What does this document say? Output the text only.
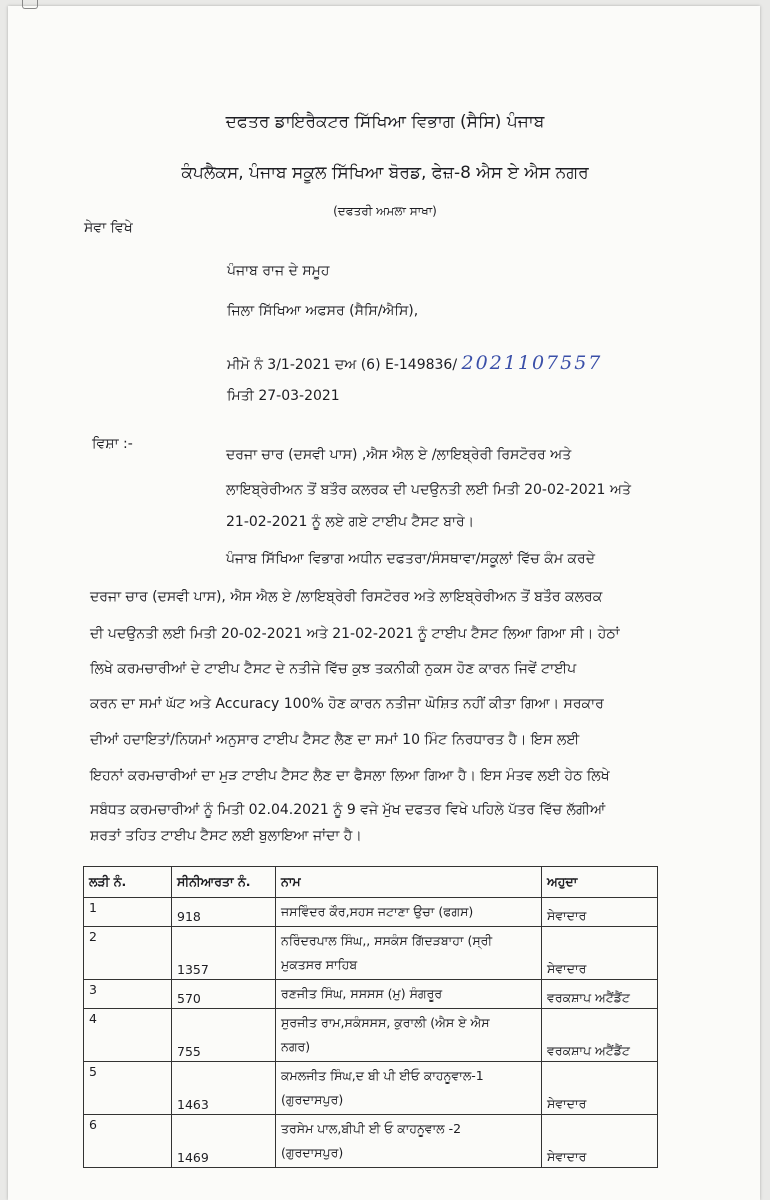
ਦਫਤਰ ਡਾਇਰੈਕਟਰ ਸਿੱਖਿਆ ਵਿਭਾਗ (ਸੈਸਿ) ਪੰਜਾਬ
ਕੰਪਲੈਕਸ, ਪੰਜਾਬ ਸਕੂਲ ਸਿੱਖਿਆ ਬੋਰਡ, ਫੇਜ਼-8 ਐਸ ਏ ਐਸ ਨਗਰ
(ਦਫਤਰੀ ਅਮਲਾ ਸਾਖਾ)
ਸੇਵਾ ਵਿਖੇ
ਪੰਜਾਬ ਰਾਜ ਦੇ ਸਮੂਹ
ਜਿਲਾ ਸਿੱਖਿਆ ਅਫਸਰ (ਸੈਸਿ/ਐਸਿ),
ਮੀਮੋ ਨੰ 3/1-2021 ਦਅ (6) E-149836/ 2021107557
ਮਿਤੀ 27-03-2021
ਵਿਸ਼ਾ :-
ਦਰਜਾ ਚਾਰ (ਦਸਵੀ ਪਾਸ) ,ਐਸ ਐਲ ਏ /ਲਾਇਬ੍ਰੇਰੀ ਰਿਸਟੋਰਰ ਅਤੇ
ਲਾਇਬ੍ਰੇਰੀਅਨ ਤੋਂ ਬਤੌਰ ਕਲਰਕ ਦੀ ਪਦਉਨਤੀ ਲਈ ਮਿਤੀ 20-02-2021 ਅਤੇ
21-02-2021 ਨੂੰ ਲਏ ਗਏ ਟਾਈਪ ਟੈਸਟ ਬਾਰੇ।
ਪੰਜਾਬ ਸਿੱਖਿਆ ਵਿਭਾਗ ਅਧੀਨ ਦਫਤਰਾ/ਸੰਸਥਾਵਾ/ਸਕੂਲਾਂ ਵਿੱਚ ਕੰਮ ਕਰਦੇ
ਦਰਜਾ ਚਾਰ (ਦਸਵੀ ਪਾਸ), ਐਸ ਐਲ ਏ /ਲਾਇਬ੍ਰੇਰੀ ਰਿਸਟੋਰਰ ਅਤੇ ਲਾਇਬ੍ਰੇਰੀਅਨ ਤੋਂ ਬਤੌਰ ਕਲਰਕ
ਦੀ ਪਦਉਨਤੀ ਲਈ ਮਿਤੀ 20-02-2021 ਅਤੇ 21-02-2021 ਨੂੰ ਟਾਈਪ ਟੈਸਟ ਲਿਆ ਗਿਆ ਸੀ। ਹੇਠਾਂ
ਲਿਖੇ ਕਰਮਚਾਰੀਆਂ ਦੇ ਟਾਈਪ ਟੈਸਟ ਦੇ ਨਤੀਜੇ ਵਿੱਚ ਕੁਝ ਤਕਨੀਕੀ ਨੁਕਸ ਹੋਣ ਕਾਰਨ ਜਿਵੇਂ ਟਾਈਪ
ਕਰਨ ਦਾ ਸਮਾਂ ਘੱਟ ਅਤੇ Accuracy 100% ਹੋਣ ਕਾਰਨ ਨਤੀਜਾ ਘੋਸ਼ਿਤ ਨਹੀਂ ਕੀਤਾ ਗਿਆ। ਸਰਕਾਰ
ਦੀਆਂ ਹਦਾਇਤਾਂ/ਨਿਯਮਾਂ ਅਨੁਸਾਰ ਟਾਈਪ ਟੈਸਟ ਲੈਣ ਦਾ ਸਮਾਂ 10 ਮਿੰਟ ਨਿਰਧਾਰਤ ਹੈ। ਇਸ ਲਈ
ਇਹਨਾਂ ਕਰਮਚਾਰੀਆਂ ਦਾ ਮੁੜ ਟਾਈਪ ਟੈਸਟ ਲੈਣ ਦਾ ਫੈਸਲਾ ਲਿਆ ਗਿਆ ਹੈ। ਇਸ ਮੰਤਵ ਲਈ ਹੇਠ ਲਿਖੇ
ਸਬੰਧਤ ਕਰਮਚਾਰੀਆਂ ਨੂੰ ਮਿਤੀ 02.04.2021 ਨੂੰ 9 ਵਜੇ ਮੁੱਖ ਦਫਤਰ ਵਿਖੇ ਪਹਿਲੇ ਪੱਤਰ ਵਿੱਚ ਲੱਗੀਆਂ
ਸ਼ਰਤਾਂ ਤਹਿਤ ਟਾਈਪ ਟੈਸਟ ਲਈ ਬੁਲਾਇਆ ਜਾਂਦਾ ਹੈ।
ਲੜੀ ਨੰ.	ਸੀਨੀਆਰਤਾ ਨੰ.	ਨਾਮ	ਅਹੁਦਾ
1	918	ਜਸਵਿੰਦਰ ਕੌਰ,ਸਹਸ ਜਟਾਣਾ ਉਚਾ (ਫਗਸ)	ਸੇਵਾਦਾਰ
2	1357	ਨਰਿੰਦਰਪਾਲ ਸਿੰਘ,, ਸਸਕੰਸ ਗਿੱਦੜਬਾਹਾ (ਸ੍ਰੀ
ਮੁਕਤਸਰ ਸਾਹਿਬ	ਸੇਵਾਦਾਰ
3	570	ਰਣਜੀਤ ਸਿੰਘ, ਸਸਸਸ (ਮੁ) ਸੰਗਰੂਰ	ਵਰਕਸ਼ਾਪ ਅਟੈਂਡੈਂਟ
4	755	ਸੁਰਜੀਤ ਰਾਮ,ਸਕੰਸਸਸ, ਕੁਰਾਲੀ (ਐਸ ਏ ਐਸ
ਨਗਰ)	ਵਰਕਸ਼ਾਪ ਅਟੈਂਡੈਂਟ
5	1463	ਕਮਲਜੀਤ ਸਿੰਘ,ਦ ਬੀ ਪੀ ਈਓ ਕਾਹਨੂਵਾਲ-1
(ਗੁਰਦਾਸਪੁਰ)	ਸੇਵਾਦਾਰ
6	1469	ਤਰਸੇਮ ਪਾਲ,ਬੀਪੀ ਈ ਓ ਕਾਹਨੂਵਾਲ -2
(ਗੁਰਦਾਸਪੁਰ)	ਸੇਵਾਦਾਰ
